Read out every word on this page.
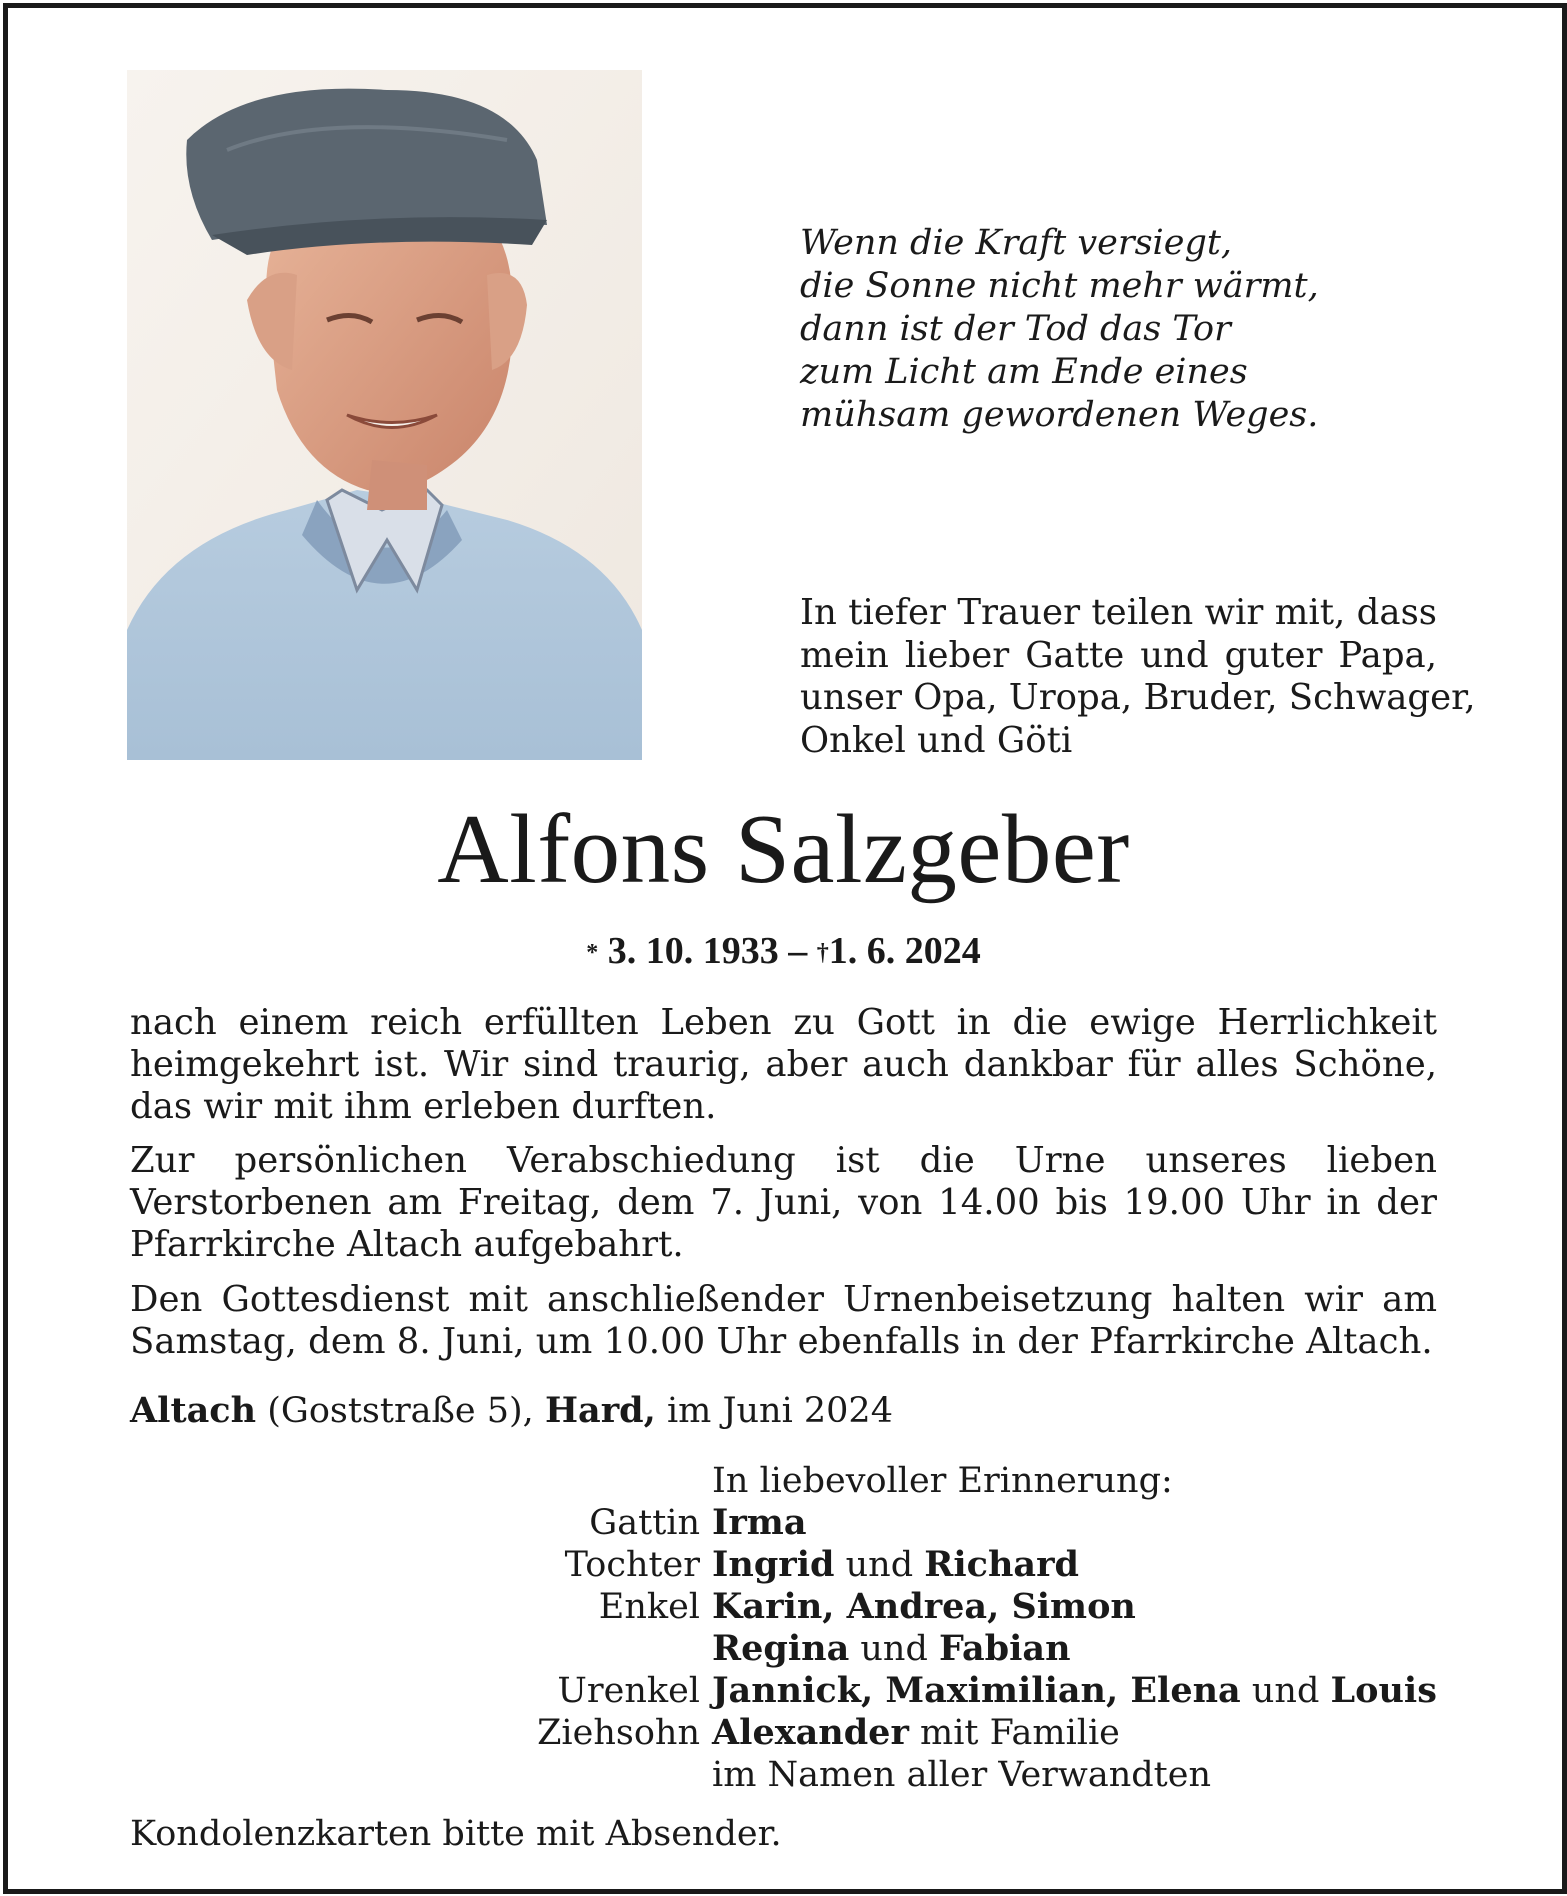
Wenn die Kraft versiegt,
die Sonne nicht mehr wärmt,
dann ist der Tod das Tor
zum Licht am Ende eines
mühsam gewordenen Weges.
In tiefer Trauer teilen wir mit, dass
mein lieber Gatte und guter Papa,
unser Opa, Uropa, Bruder, Schwager,
Onkel und Göti
Alfons Salzgeber
* 3. 10. 1933 – †1. 6. 2024
nach einem reich erfüllten Leben zu Gott in die ewige Herrlichkeit heimgekehrt ist. Wir sind traurig, aber auch dankbar für alles Schöne, das wir mit ihm erleben durften.
Zur persönlichen Verabschiedung ist die Urne unseres lieben Verstorbenen am Freitag, dem 7. Juni, von 14.00 bis 19.00 Uhr in der Pfarrkirche Altach aufgebahrt.
Den Gottesdienst mit anschließender Urnenbeisetzung halten wir am Samstag, dem 8. Juni, um 10.00 Uhr ebenfalls in der Pfarrkirche Altach.
Altach (Goststraße 5), Hard, im Juni 2024
In liebevoller Erinnerung:
Gattin Irma
Tochter Ingrid und Richard
Enkel Karin, Andrea, Simon
Regina und Fabian
Urenkel Jannick, Maximilian, Elena und Louis
Ziehsohn Alexander mit Familie
im Namen aller Verwandten
Kondolenzkarten bitte mit Absender.
